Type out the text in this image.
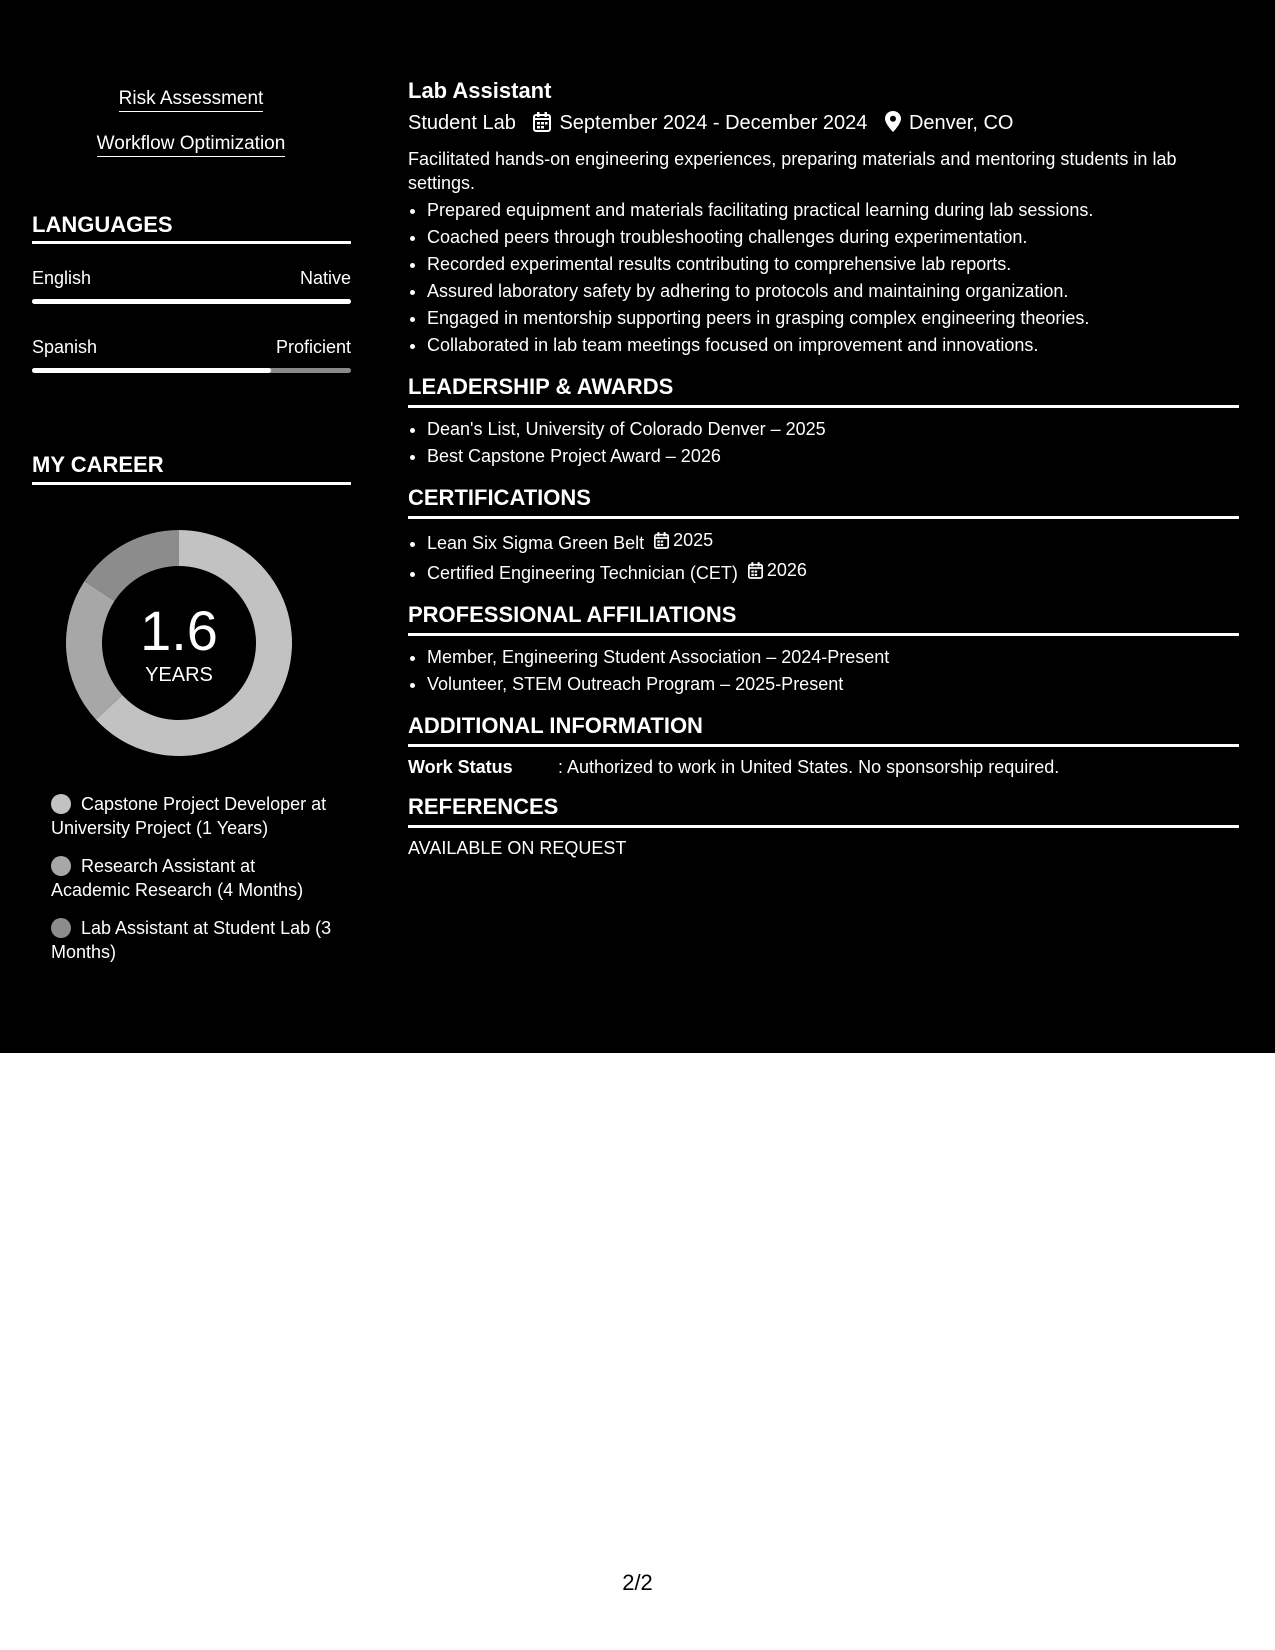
Risk Assessment
Workflow Optimization
LANGUAGES
English	Native
Spanish	Proficient
MY CAREER
1.6
YEARS
Capstone Project Developer at University Project (1 Years)
Research Assistant at Academic Research (4 Months)
Lab Assistant at Student Lab (3 Months)
Lab Assistant
Student Lab September 2024 - December 2024 Denver, CO
Facilitated hands-on engineering experiences, preparing materials and mentoring students in lab settings.
• Prepared equipment and materials facilitating practical learning during lab sessions.
• Coached peers through troubleshooting challenges during experimentation.
• Recorded experimental results contributing to comprehensive lab reports.
• Assured laboratory safety by adhering to protocols and maintaining organization.
• Engaged in mentorship supporting peers in grasping complex engineering theories.
• Collaborated in lab team meetings focused on improvement and innovations.
LEADERSHIP & AWARDS
• Dean's List, University of Colorado Denver – 2025
• Best Capstone Project Award – 2026
CERTIFICATIONS
• Lean Six Sigma Green Belt 2025
• Certified Engineering Technician (CET) 2026
PROFESSIONAL AFFILIATIONS
• Member, Engineering Student Association – 2024-Present
• Volunteer, STEM Outreach Program – 2025-Present
ADDITIONAL INFORMATION
Work Status	: Authorized to work in United States. No sponsorship required.
REFERENCES
AVAILABLE ON REQUEST
2/2
